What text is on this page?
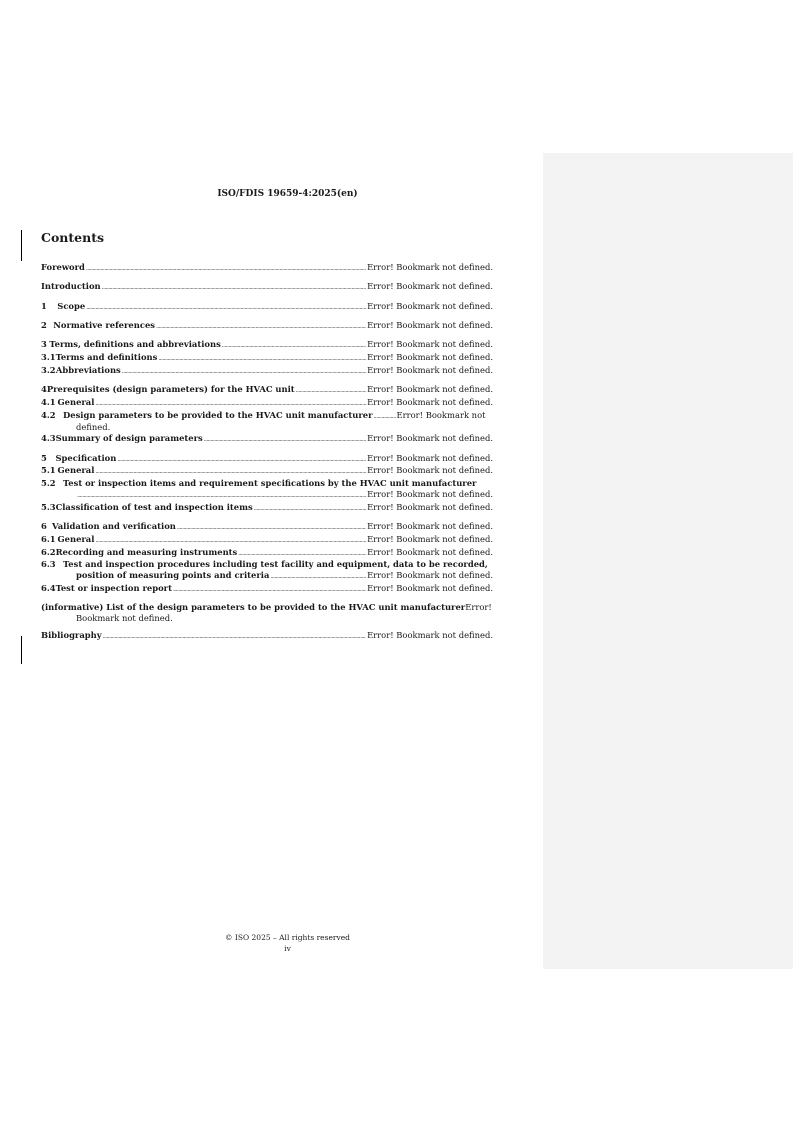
ISO/FDIS 19659-4:2025(en)
Contents
Foreword .....	Error! Bookmark not defined.
Introduction .....	Error! Bookmark not defined.
1	Scope .....	Error! Bookmark not defined.
2 Normative references .....	Error! Bookmark not defined.
3 Terms, definitions and abbreviations .....	Error! Bookmark not defined.
3.1 Terms and definitions .....	Error! Bookmark not defined.
3.2 Abbreviations .....	Error! Bookmark not defined.
4 Prerequisites (design parameters) for the HVAC unit .....	Error! Bookmark not defined.
4.1 General .....	Error! Bookmark not defined.
4.2 Design parameters to be provided to the HVAC unit manufacturer .....	Error! Bookmark not
defined.
4.3 Summary of design parameters .....	Error! Bookmark not defined.
5	Specification .....	Error! Bookmark not defined.
5.1 General .....	Error! Bookmark not defined.
5.2 Test or inspection items and requirement specifications by the HVAC unit manufacturer
.....
Error! Bookmark not defined.
5.3 Classification of test and inspection items .....	Error! Bookmark not defined.
6 Validation and verification .....	Error! Bookmark not defined.
6.1 General .....	Error! Bookmark not defined.
6.2 Recording and measuring instruments .....	Error! Bookmark not defined.
6.3 Test and inspection procedures including test facility and equipment, data to be recorded,
position of measuring points and criteria .....	Error! Bookmark not defined.
6.4 Test or inspection report .....	Error! Bookmark not defined.
(informative) List of the design parameters to be provided to the HVAC unit manufacturer Error!
Bookmark not defined.
Bibliography .....	Error! Bookmark not defined.
© ISO 2025 – All rights reserved
iv
